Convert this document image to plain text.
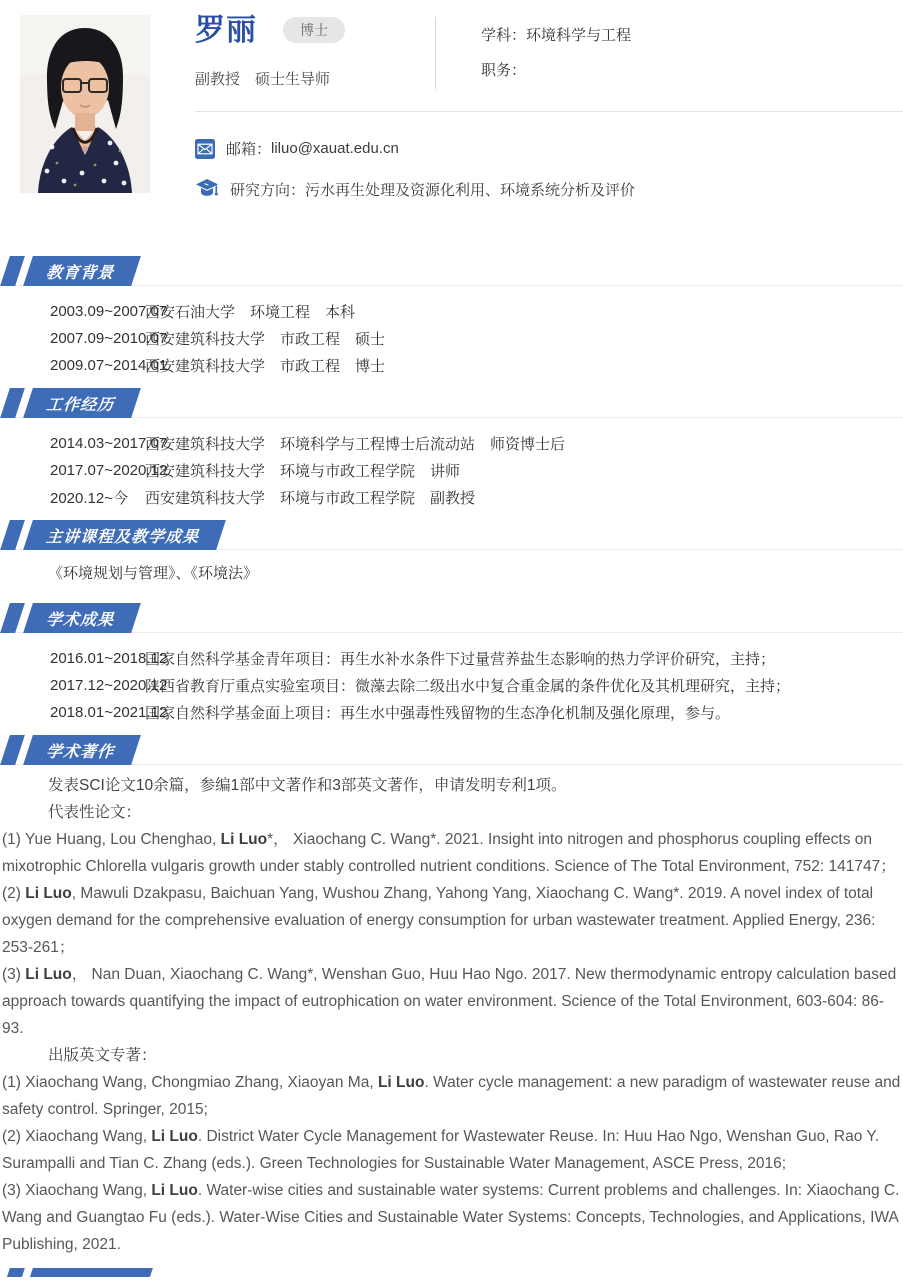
罗丽	博士
副教授　硕士生导师
学科：环境科学与工程
职务：
邮箱： liluo@xauat.edu.cn
研究方向： 污水再生处理及资源化利用、环境系统分析及评价
教育背景
2003.09~2007.07
西安石油大学　环境工程　本科
2007.09~2010.07
西安建筑科技大学　市政工程　硕士
2009.07~2014.01
西安建筑科技大学　市政工程　博士
工作经历
2014.03~2017.07
西安建筑科技大学　环境科学与工程博士后流动站　师资博士后
2017.07~2020.12
西安建筑科技大学　环境与市政工程学院　讲师
2020.12~今	西安建筑科技大学　环境与市政工程学院　副教授
主讲课程及教学成果
《环境规划与管理》、《环境法》
学术成果
2016.01~2018.12
国家自然科学基金青年项目：再生水补水条件下过量营养盐生态影响的热力学评价研究，主持；
2017.12~2020.12
陕西省教育厅重点实验室项目：微藻去除二级出水中复合重金属的条件优化及其机理研究，主持；
2018.01~2021.12
国家自然科学基金面上项目：再生水中强毒性残留物的生态净化机制及强化原理，参与。
学术著作

发表SCI论文10余篇，参编1部中文著作和3部英文著作，申请发明专利1项。

代表性论文：

(1) Yue Huang, Lou Chenghao, Li Luo*， Xiaochang C. Wang*. 2021. Insight into nitrogen and phosphorus coupling effects on mixotrophic Chlorella vulgaris growth under stably controlled nutrient conditions. Science of The Total Environment, 752: 141747；

(2) Li Luo, Mawuli Dzakpasu, Baichuan Yang, Wushou Zhang, Yahong Yang, Xiaochang C. Wang*. 2019. A novel index of total oxygen demand for the comprehensive evaluation of energy consumption for urban wastewater treatment. Applied Energy, 236: 253-261；

(3) Li Luo， Nan Duan, Xiaochang C. Wang*, Wenshan Guo, Huu Hao Ngo. 2017. New thermodynamic entropy calculation based approach towards quantifying the impact of eutrophication on water environment. Science of the Total Environment, 603-604: 86-93.

出版英文专著：

(1) Xiaochang Wang, Chongmiao Zhang, Xiaoyan Ma, Li Luo. Water cycle management: a new paradigm of wastewater reuse and safety control. Springer, 2015;

(2) Xiaochang Wang, Li Luo. District Water Cycle Management for Wastewater Reuse. In: Huu Hao Ngo, Wenshan Guo, Rao Y. Surampalli and Tian C. Zhang (eds.). Green Technologies for Sustainable Water Management, ASCE Press, 2016;

(3) Xiaochang Wang, Li Luo. Water-wise cities and sustainable water systems: Current problems and challenges. In: Xiaochang C. Wang and Guangtao Fu (eds.). Water-Wise Cities and Sustainable Water Systems: Concepts, Technologies, and Applications, IWA Publishing, 2021.
